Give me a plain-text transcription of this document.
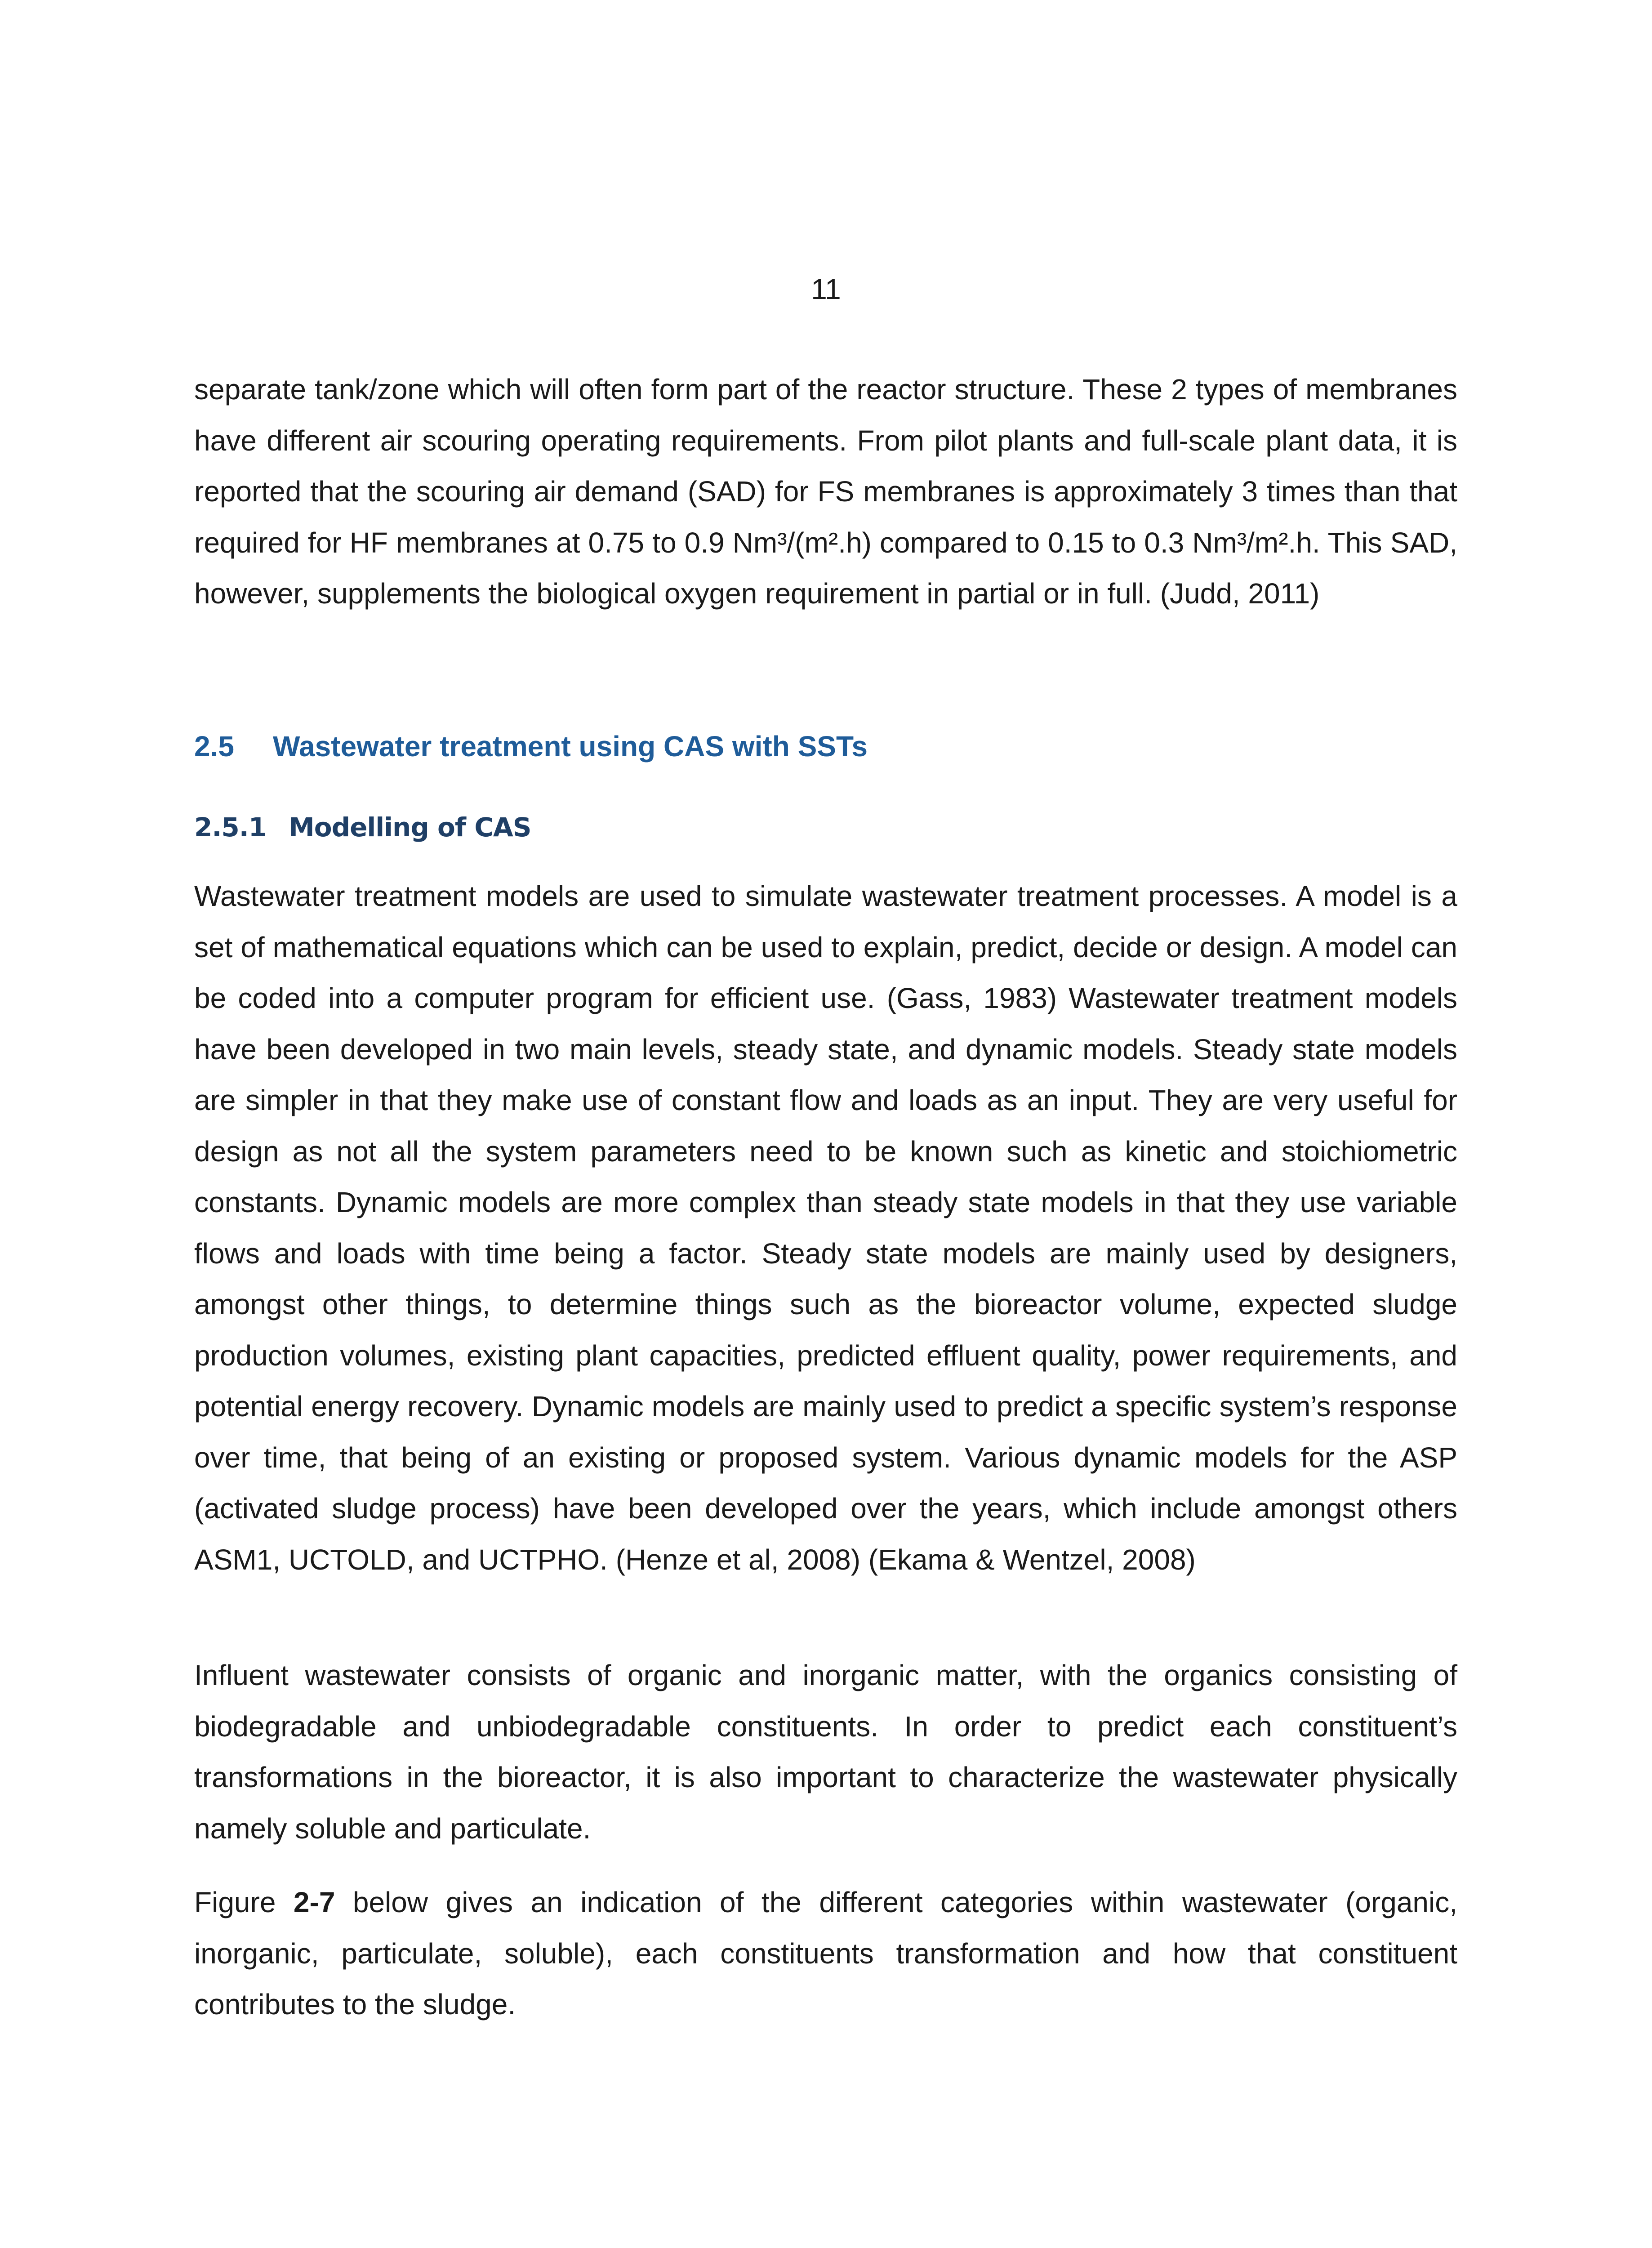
11

separate tank/zone which will often form part of the reactor structure. These 2 types of membranes have different air scouring operating requirements. From pilot plants and full-scale plant data, it is reported that the scouring air demand (SAD) for FS membranes is approximately 3 times than that required for HF membranes at 0.75 to 0.9 Nm³/(m².h) compared to 0.15 to 0.3 Nm³/m².h. This SAD, however, supplements the biological oxygen requirement in partial or in full. (Judd, 2011)

2.5 Wastewater treatment using CAS with SSTs
2.5.1 Modelling of CAS

Wastewater treatment models are used to simulate wastewater treatment processes. A model is a set of mathematical equations which can be used to explain, predict, decide or design. A model can be coded into a computer program for efficient use. (Gass, 1983) Wastewater treatment models have been developed in two main levels, steady state, and dynamic models. Steady state models are simpler in that they make use of constant flow and loads as an input. They are very useful for design as not all the system parameters need to be known such as kinetic and stoichiometric constants. Dynamic models are more complex than steady state models in that they use variable flows and loads with time being a factor. Steady state models are mainly used by designers, amongst other things, to determine things such as the bioreactor volume, expected sludge production volumes, existing plant capacities, predicted effluent quality, power requirements, and potential energy recovery. Dynamic models are mainly used to predict a specific system’s response over time, that being of an existing or proposed system. Various dynamic models for the ASP (activated sludge process) have been developed over the years, which include amongst others ASM1, UCTOLD, and UCTPHO. (Henze et al, 2008) (Ekama & Wentzel, 2008)

Influent wastewater consists of organic and inorganic matter, with the organics consisting of biodegradable and unbiodegradable constituents. In order to predict each constituent’s transformations in the bioreactor, it is also important to characterize the wastewater physically namely soluble and particulate.

Figure 2-7 below gives an indication of the different categories within wastewater (organic, inorganic, particulate, soluble), each constituents transformation and how that constituent contributes to the sludge.
